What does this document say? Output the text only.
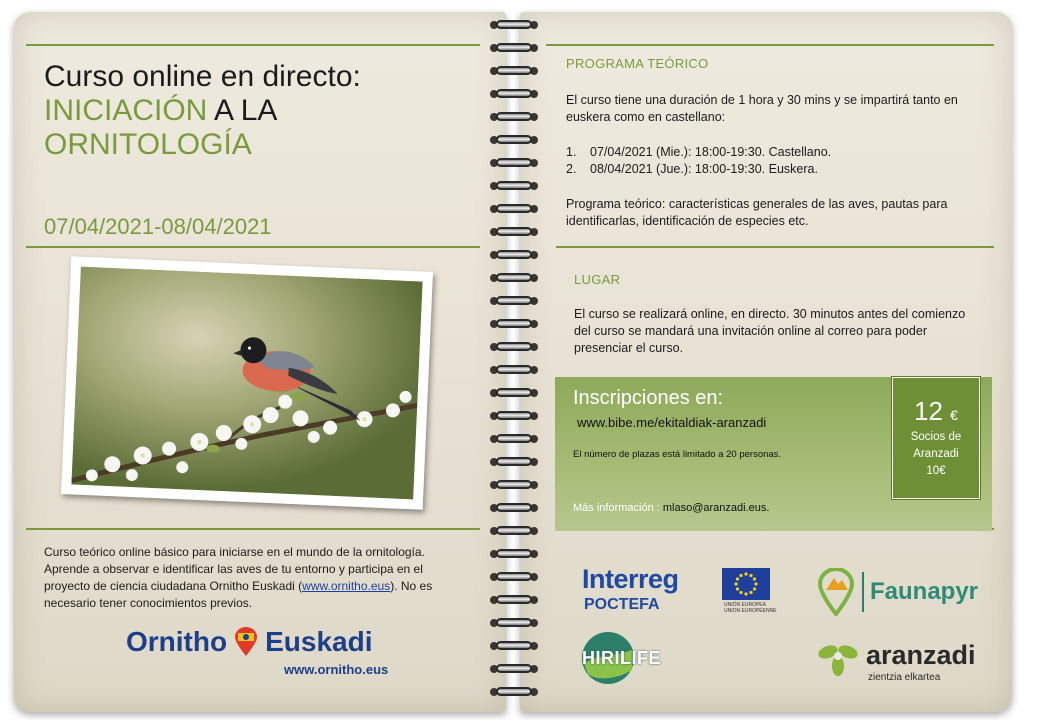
Curso online en directo:
INICIACIÓN A LA
ORNITOLOGÍA
07/04/2021-08/04/2021
Curso teórico online básico para iniciarse en el mundo de la ornitología. Aprende a observar e identificar las aves de tu entorno y participa en el proyecto de ciencia ciudadana Ornitho Euskadi (www.ornitho.eus). No es necesario tener conocimientos previos.
Ornitho Euskadi
www.ornitho.eus
PROGRAMA TEÓRICO
El curso tiene una duración de 1 hora y 30 mins y se impartirá tanto en euskera como en castellano:
1. 07/04/2021 (Mie.): 18:00-19:30. Castellano.
2. 08/04/2021 (Jue.): 18:00-19:30. Euskera.
Programa teórico: características generales de las aves, pautas para identificarlas, identificación de especies etc.
LUGAR
El curso se realizará online, en directo. 30 minutos antes del comienzo del curso se mandará una invitación online al correo para poder presenciar el curso.
Inscripciones en:
www.bibe.me/ekitaldiak-aranzadi
El número de plazas está limitado a 20 personas.
Más información : mlaso@aranzadi.eus.
12 €
Socios de
Aranzadi
10€
Interreg
POCTEFA	UNIÓN EUROPEA
UNION EUROPÉENNE
Faunapyr
HIRILIFE	aranzadi
zientzia elkartea
